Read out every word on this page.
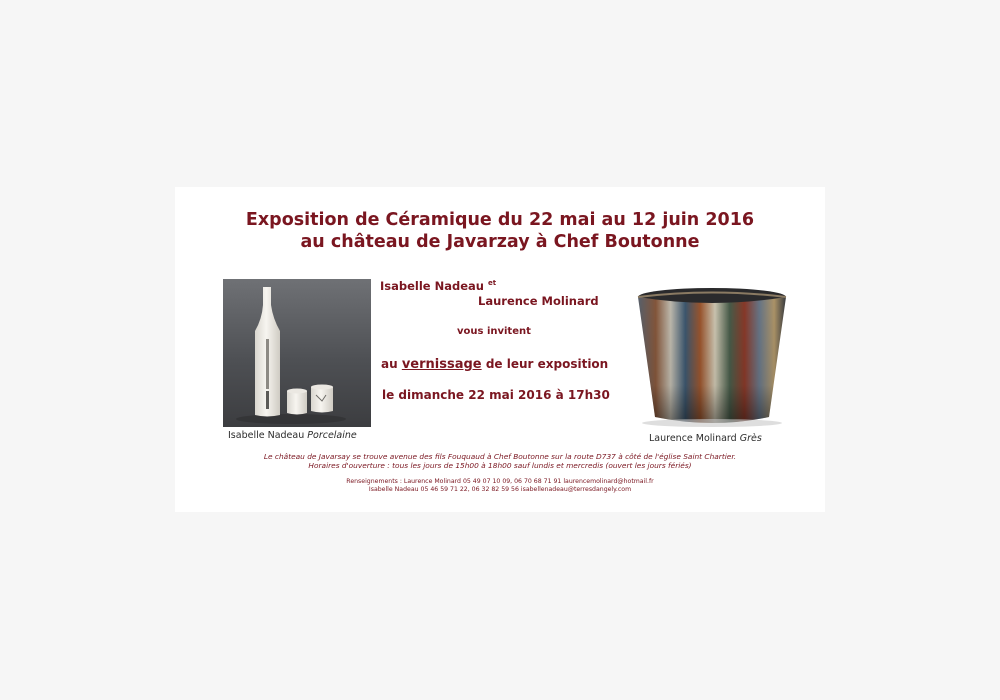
Exposition de Céramique du 22 mai au 12 juin 2016
au château de Javarzay à Chef Boutonne
Isabelle Nadeau Porcelaine
Isabelle Nadeau $^{et}$
Laurence Molinard
vous invitent
au vernissage de leur exposition
le dimanche 22 mai 2016 à 17h30
Laurence Molinard Grès
Le château de Javarsay se trouve avenue des fils Fouquaud à Chef Boutonne sur la route D737 à côté de l'église Saint Chartier.
Horaires d'ouverture : tous les jours de 15h00 à 18h00 sauf lundis et mercredis (ouvert les jours fériés)
Renseignements : Laurence Molinard 05 49 07 10 09, 06 70 68 71 91 laurencemolinard@hotmail.fr
Isabelle Nadeau 05 46 59 71 22, 06 32 82 59 56 isabellenadeau@terresdangely.com
